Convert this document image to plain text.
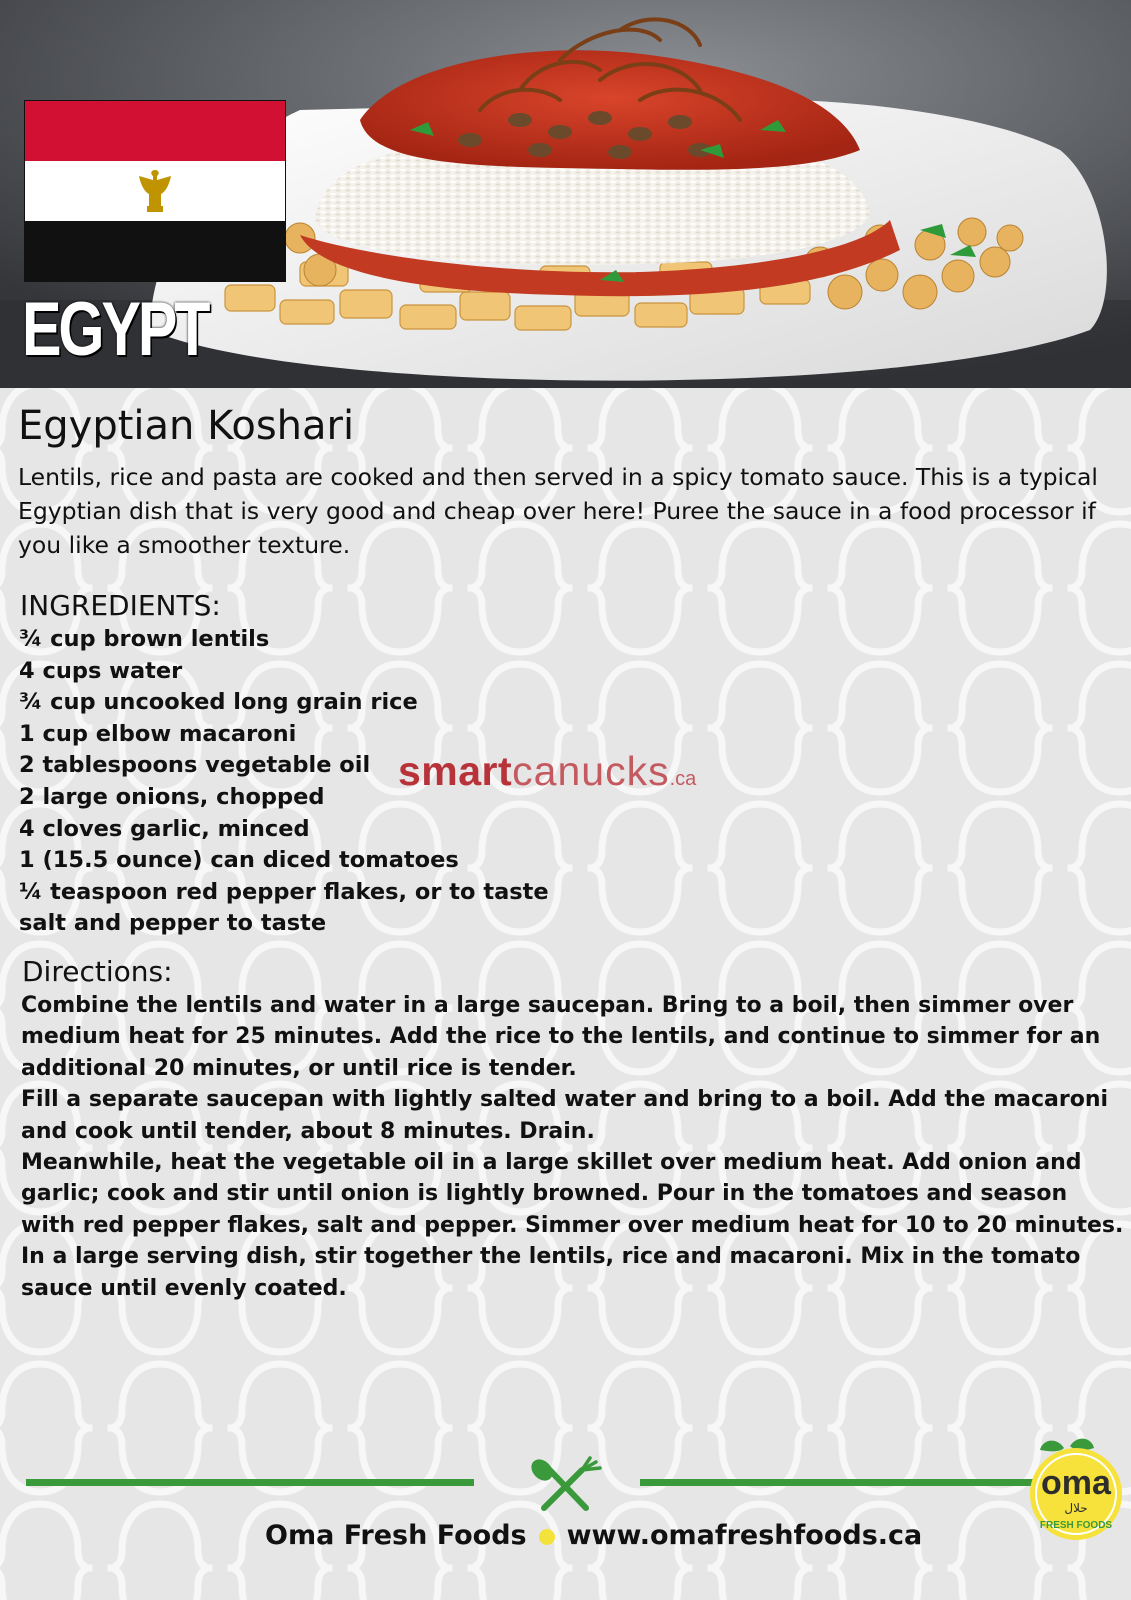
EGYPT
Egyptian Koshari
Lentils, rice and pasta are cooked and then served in a spicy tomato sauce. This is a typical Egyptian dish that is very good and cheap over here! Puree the sauce in a food processor if you like a smoother texture.
INGREDIENTS:
¾ cup brown lentils
4 cups water
¾ cup uncooked long grain rice
1 cup elbow macaroni
2 tablespoons vegetable oil
2 large onions, chopped
4 cloves garlic, minced
1 (15.5 ounce) can diced tomatoes
¼ teaspoon red pepper flakes, or to taste
salt and pepper to taste
smartcanucks.ca
Directions:

Combine the lentils and water in a large saucepan. Bring to a boil, then simmer over medium heat for 25 minutes. Add the rice to the lentils, and continue to simmer for an additional 20 minutes, or until rice is tender.

Fill a separate saucepan with lightly salted water and bring to a boil. Add the macaroni and cook until tender, about 8 minutes. Drain.

Meanwhile, heat the vegetable oil in a large skillet over medium heat. Add onion and garlic; cook and stir until onion is lightly browned. Pour in the tomatoes and season with red pepper flakes, salt and pepper. Simmer over medium heat for 10 to 20 minutes.

In a large serving dish, stir together the lentils, rice and macaroni. Mix in the tomato sauce until evenly coated.

Oma Fresh Foods www.omafreshfoods.ca
oma
حلال
FRESH FOODS
